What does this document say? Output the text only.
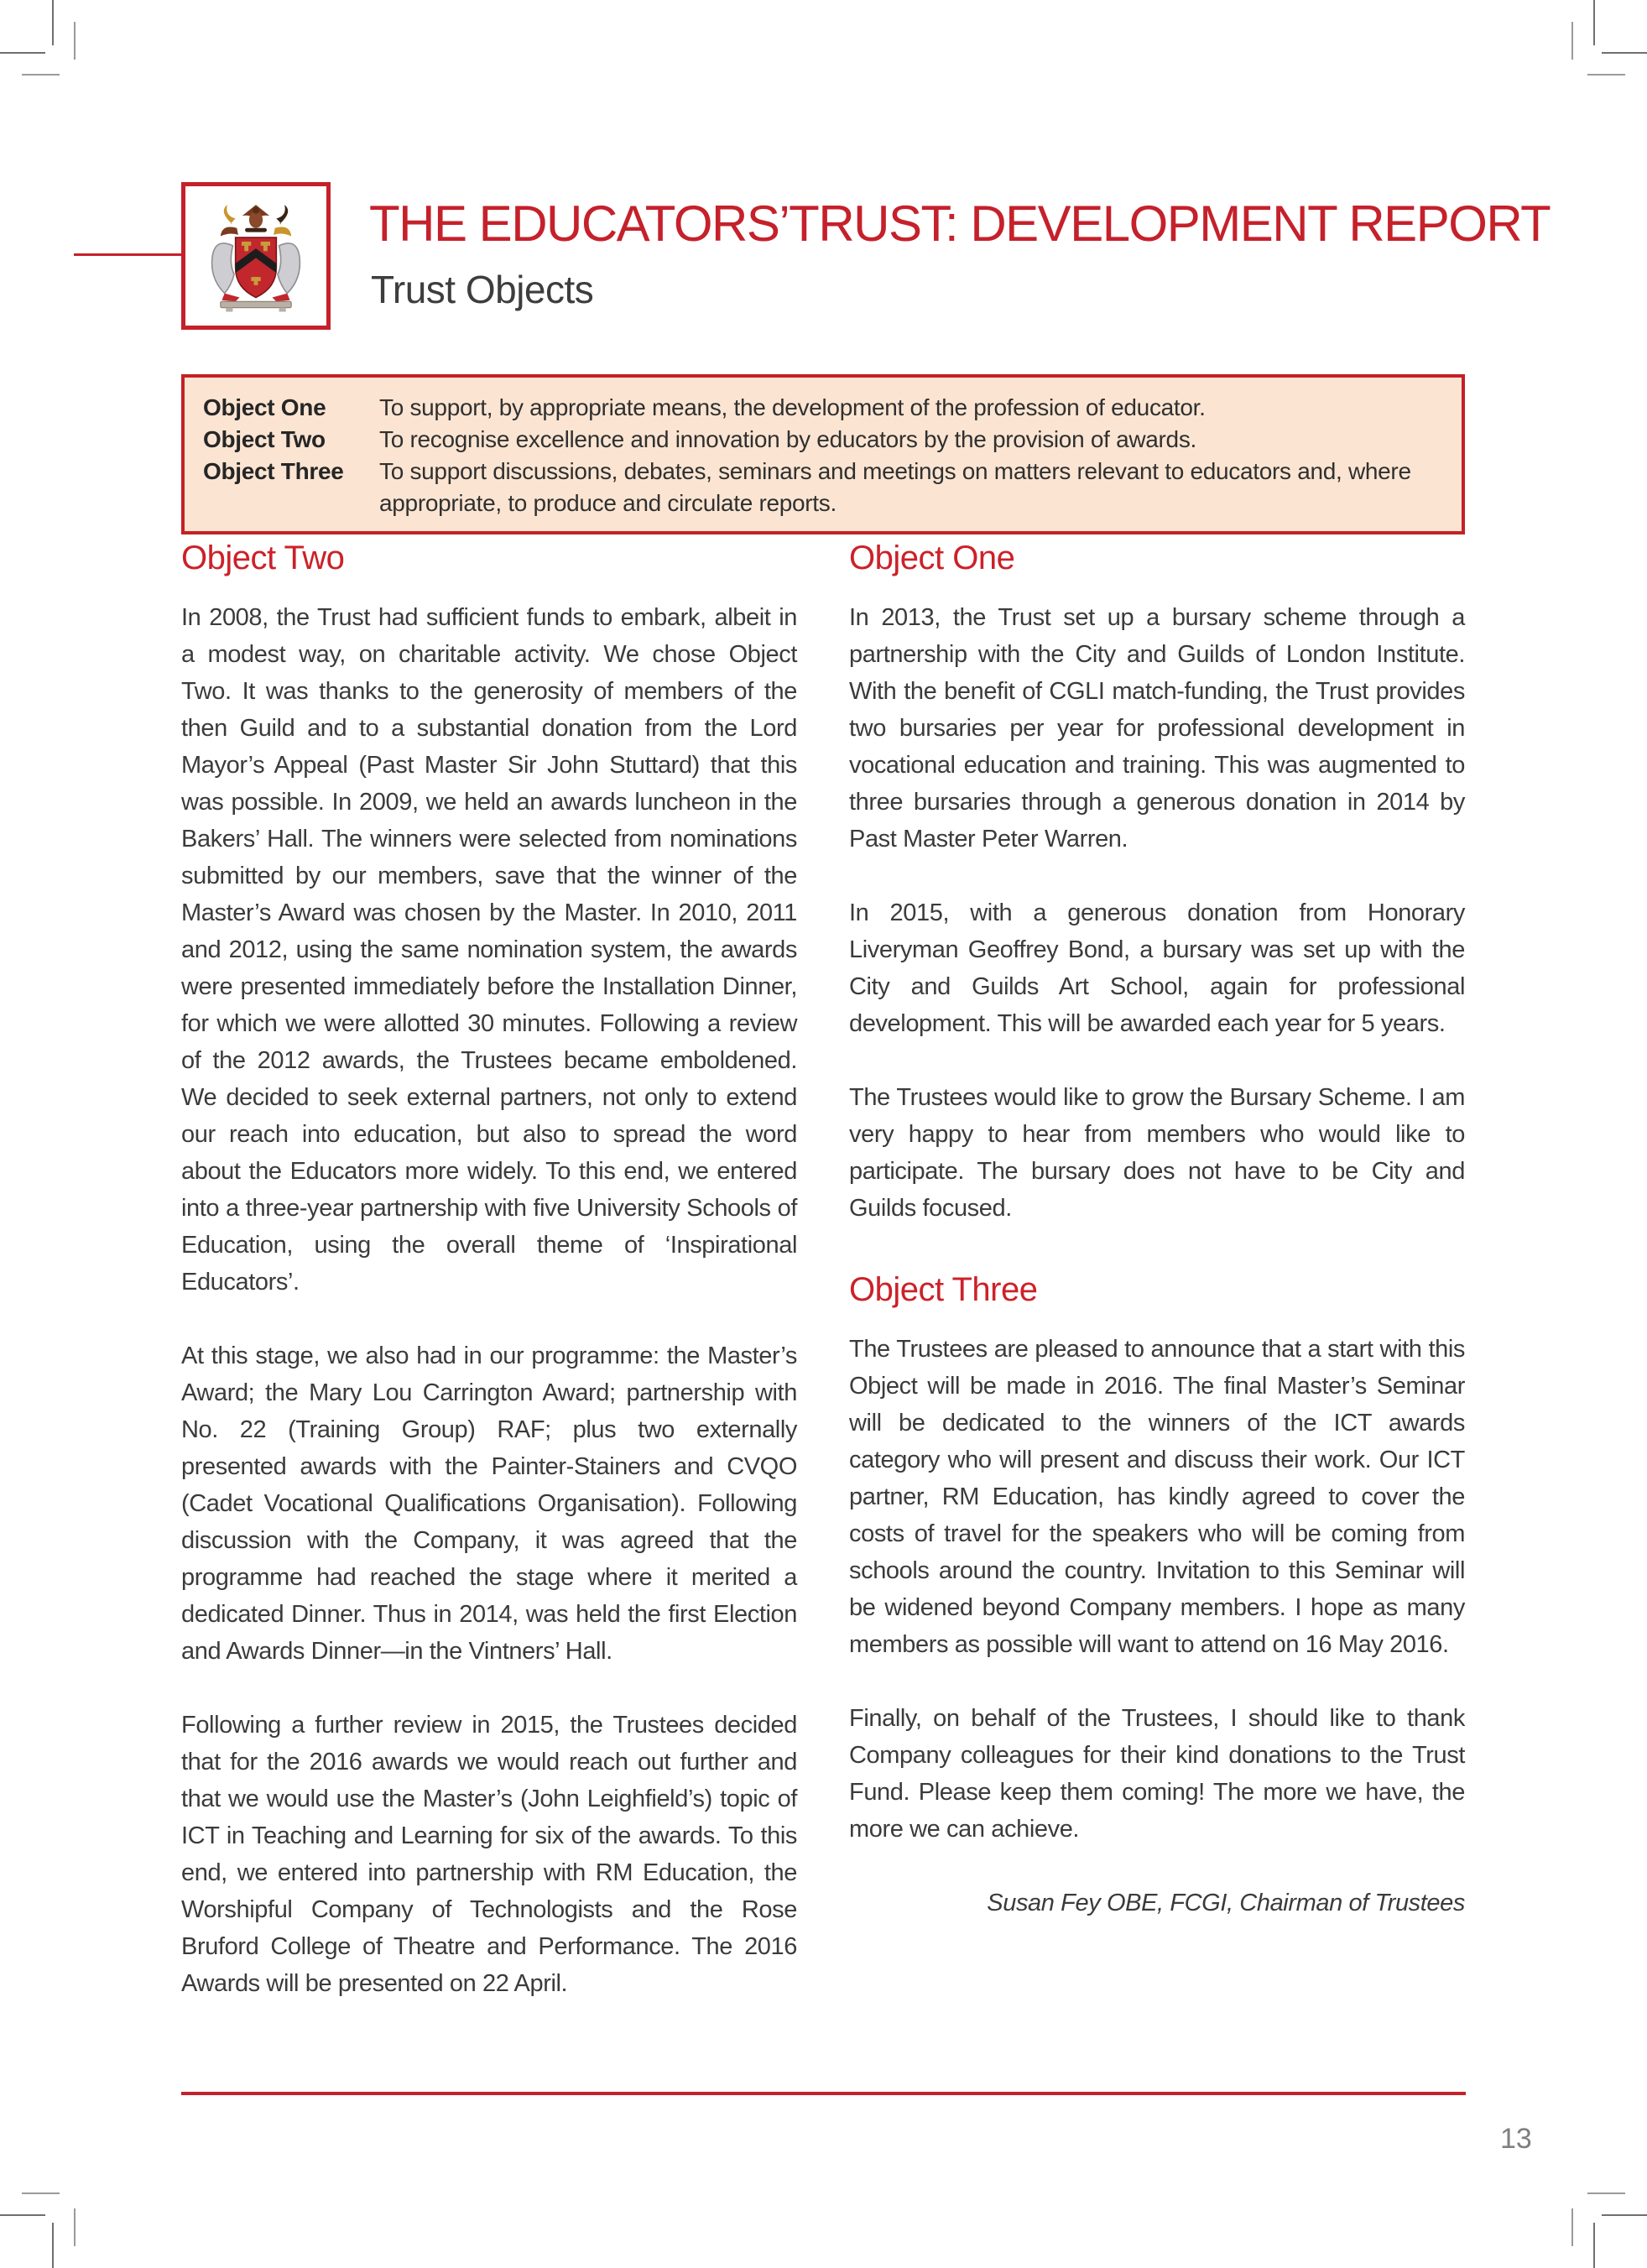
THE EDUCATORS’TRUST: DEVELOPMENT REPORT
Trust Objects
Object One	To support, by appropriate means, the development of the profession of educator.
Object Two	To recognise excellence and innovation by educators by the provision of awards.
Object Three	To support discussions, debates, seminars and meetings on matters relevant to educators and, where appropriate, to produce and circulate reports.
Object Two

In 2008, the Trust had sufficient funds to embark, albeit in a modest way, on charitable activity. We chose Object Two. It was thanks to the generosity of members of the then Guild and to a substantial donation from the Lord Mayor’s Appeal (Past Master Sir John Stuttard) that this was possible. In 2009, we held an awards luncheon in the Bakers’ Hall. The winners were selected from nominations submitted by our members, save that the winner of the Master’s Award was chosen by the Master. In 2010, 2011 and 2012, using the same nomination system, the awards were presented immediately before the Installation Dinner, for which we were allotted 30 minutes. Following a review of the 2012 awards, the Trustees became emboldened. We decided to seek external partners, not only to extend our reach into education, but also to spread the word about the Educators more widely. To this end, we entered into a three-year partnership with five University Schools of Education, using the overall theme of ‘Inspirational Educators’.

At this stage, we also had in our programme: the Master’s Award; the Mary Lou Carrington Award; partnership with No. 22 (Training Group) RAF; plus two externally presented awards with the Painter-Stainers and CVQO (Cadet Vocational Qualifications Organisation). Following discussion with the Company, it was agreed that the programme had reached the stage where it merited a dedicated Dinner. Thus in 2014, was held the first Election and Awards Dinner—in the Vintners’ Hall.

Following a further review in 2015, the Trustees decided that for the 2016 awards we would reach out further and that we would use the Master’s (John Leighfield’s) topic of ICT in Teaching and Learning for six of the awards. To this end, we entered into partnership with RM Education, the Worshipful Company of Technologists and the Rose Bruford College of Theatre and Performance. The 2016 Awards will be presented on 22 April.

Object One

In 2013, the Trust set up a bursary scheme through a partnership with the City and Guilds of London Institute. With the benefit of CGLI match-funding, the Trust provides two bursaries per year for professional development in vocational education and training. This was augmented to three bursaries through a generous donation in 2014 by Past Master Peter Warren.

In 2015, with a generous donation from Honorary Liveryman Geoffrey Bond, a bursary was set up with the City and Guilds Art School, again for professional development. This will be awarded each year for 5 years.

The Trustees would like to grow the Bursary Scheme. I am very happy to hear from members who would like to participate. The bursary does not have to be City and Guilds focused.

Object Three

The Trustees are pleased to announce that a start with this Object will be made in 2016. The final Master’s Seminar will be dedicated to the winners of the ICT awards category who will present and discuss their work. Our ICT partner, RM Education, has kindly agreed to cover the costs of travel for the speakers who will be coming from schools around the country. Invitation to this Seminar will be widened beyond Company members. I hope as many members as possible will want to attend on 16 May 2016.

Finally, on behalf of the Trustees, I should like to thank Company colleagues for their kind donations to the Trust Fund. Please keep them coming! The more we have, the more we can achieve.

Susan Fey OBE, FCGI, Chairman of Trustees
13
